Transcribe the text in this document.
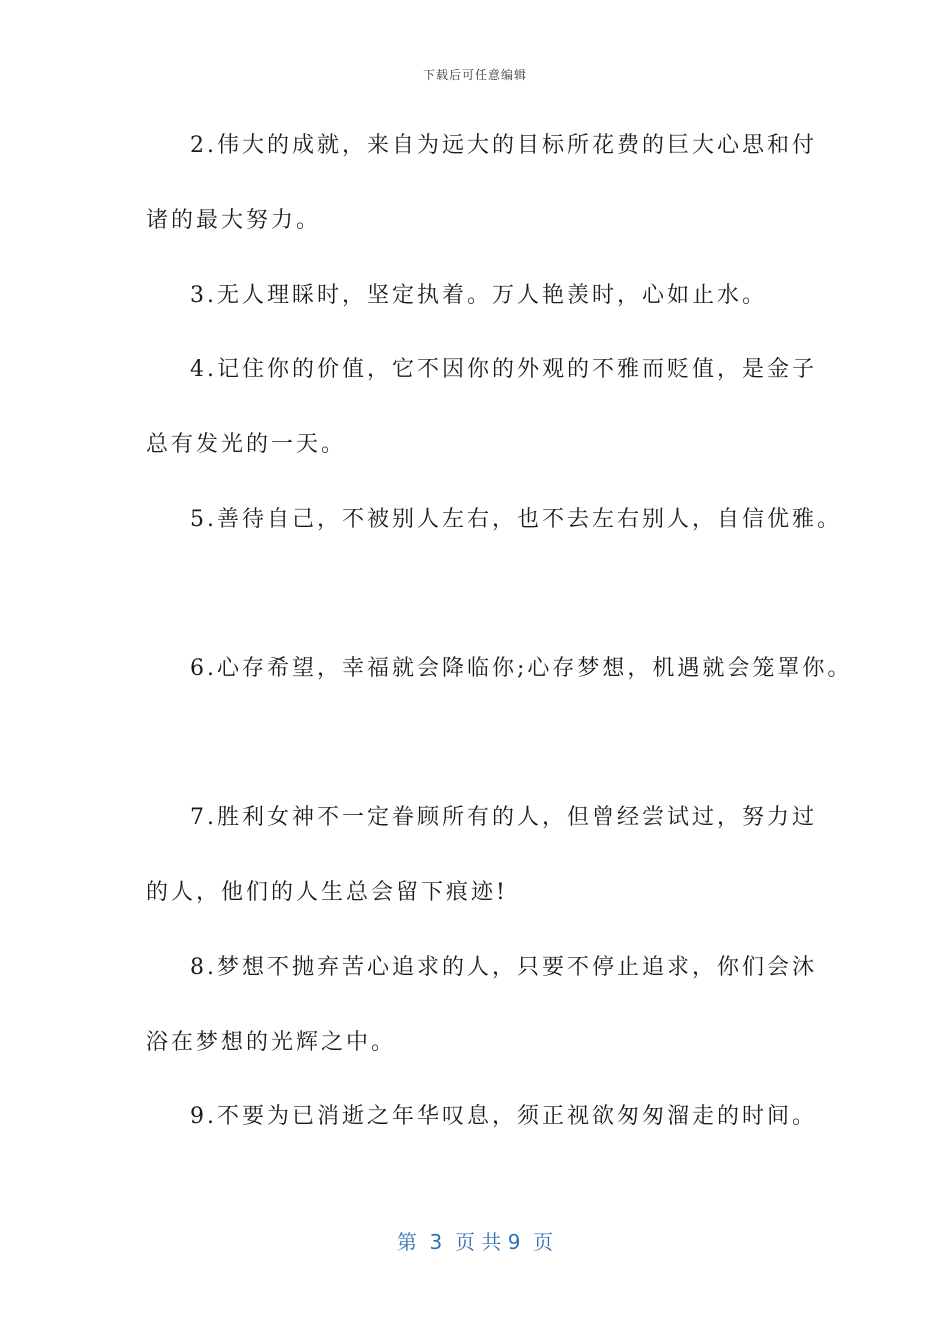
下载后可任意编辑
2.伟大的成就，来自为远大的目标所花费的巨大心思和付
诸的最大努力。
3.无人理睬时，坚定执着。万人艳羡时，心如止水。
4.记住你的价值，它不因你的外观的不雅而贬值，是金子
总有发光的一天。
5.善待自己，不被别人左右，也不去左右别人，自信优雅。
6.心存希望，幸福就会降临你;心存梦想，机遇就会笼罩你。
7.胜利女神不一定眷顾所有的人，但曾经尝试过，努力过
的人，他们的人生总会留下痕迹!
8.梦想不抛弃苦心追求的人，只要不停止追求，你们会沐
浴在梦想的光辉之中。
9.不要为已消逝之年华叹息，须正视欲匆匆溜走的时间。
第  3  页 共 9  页
